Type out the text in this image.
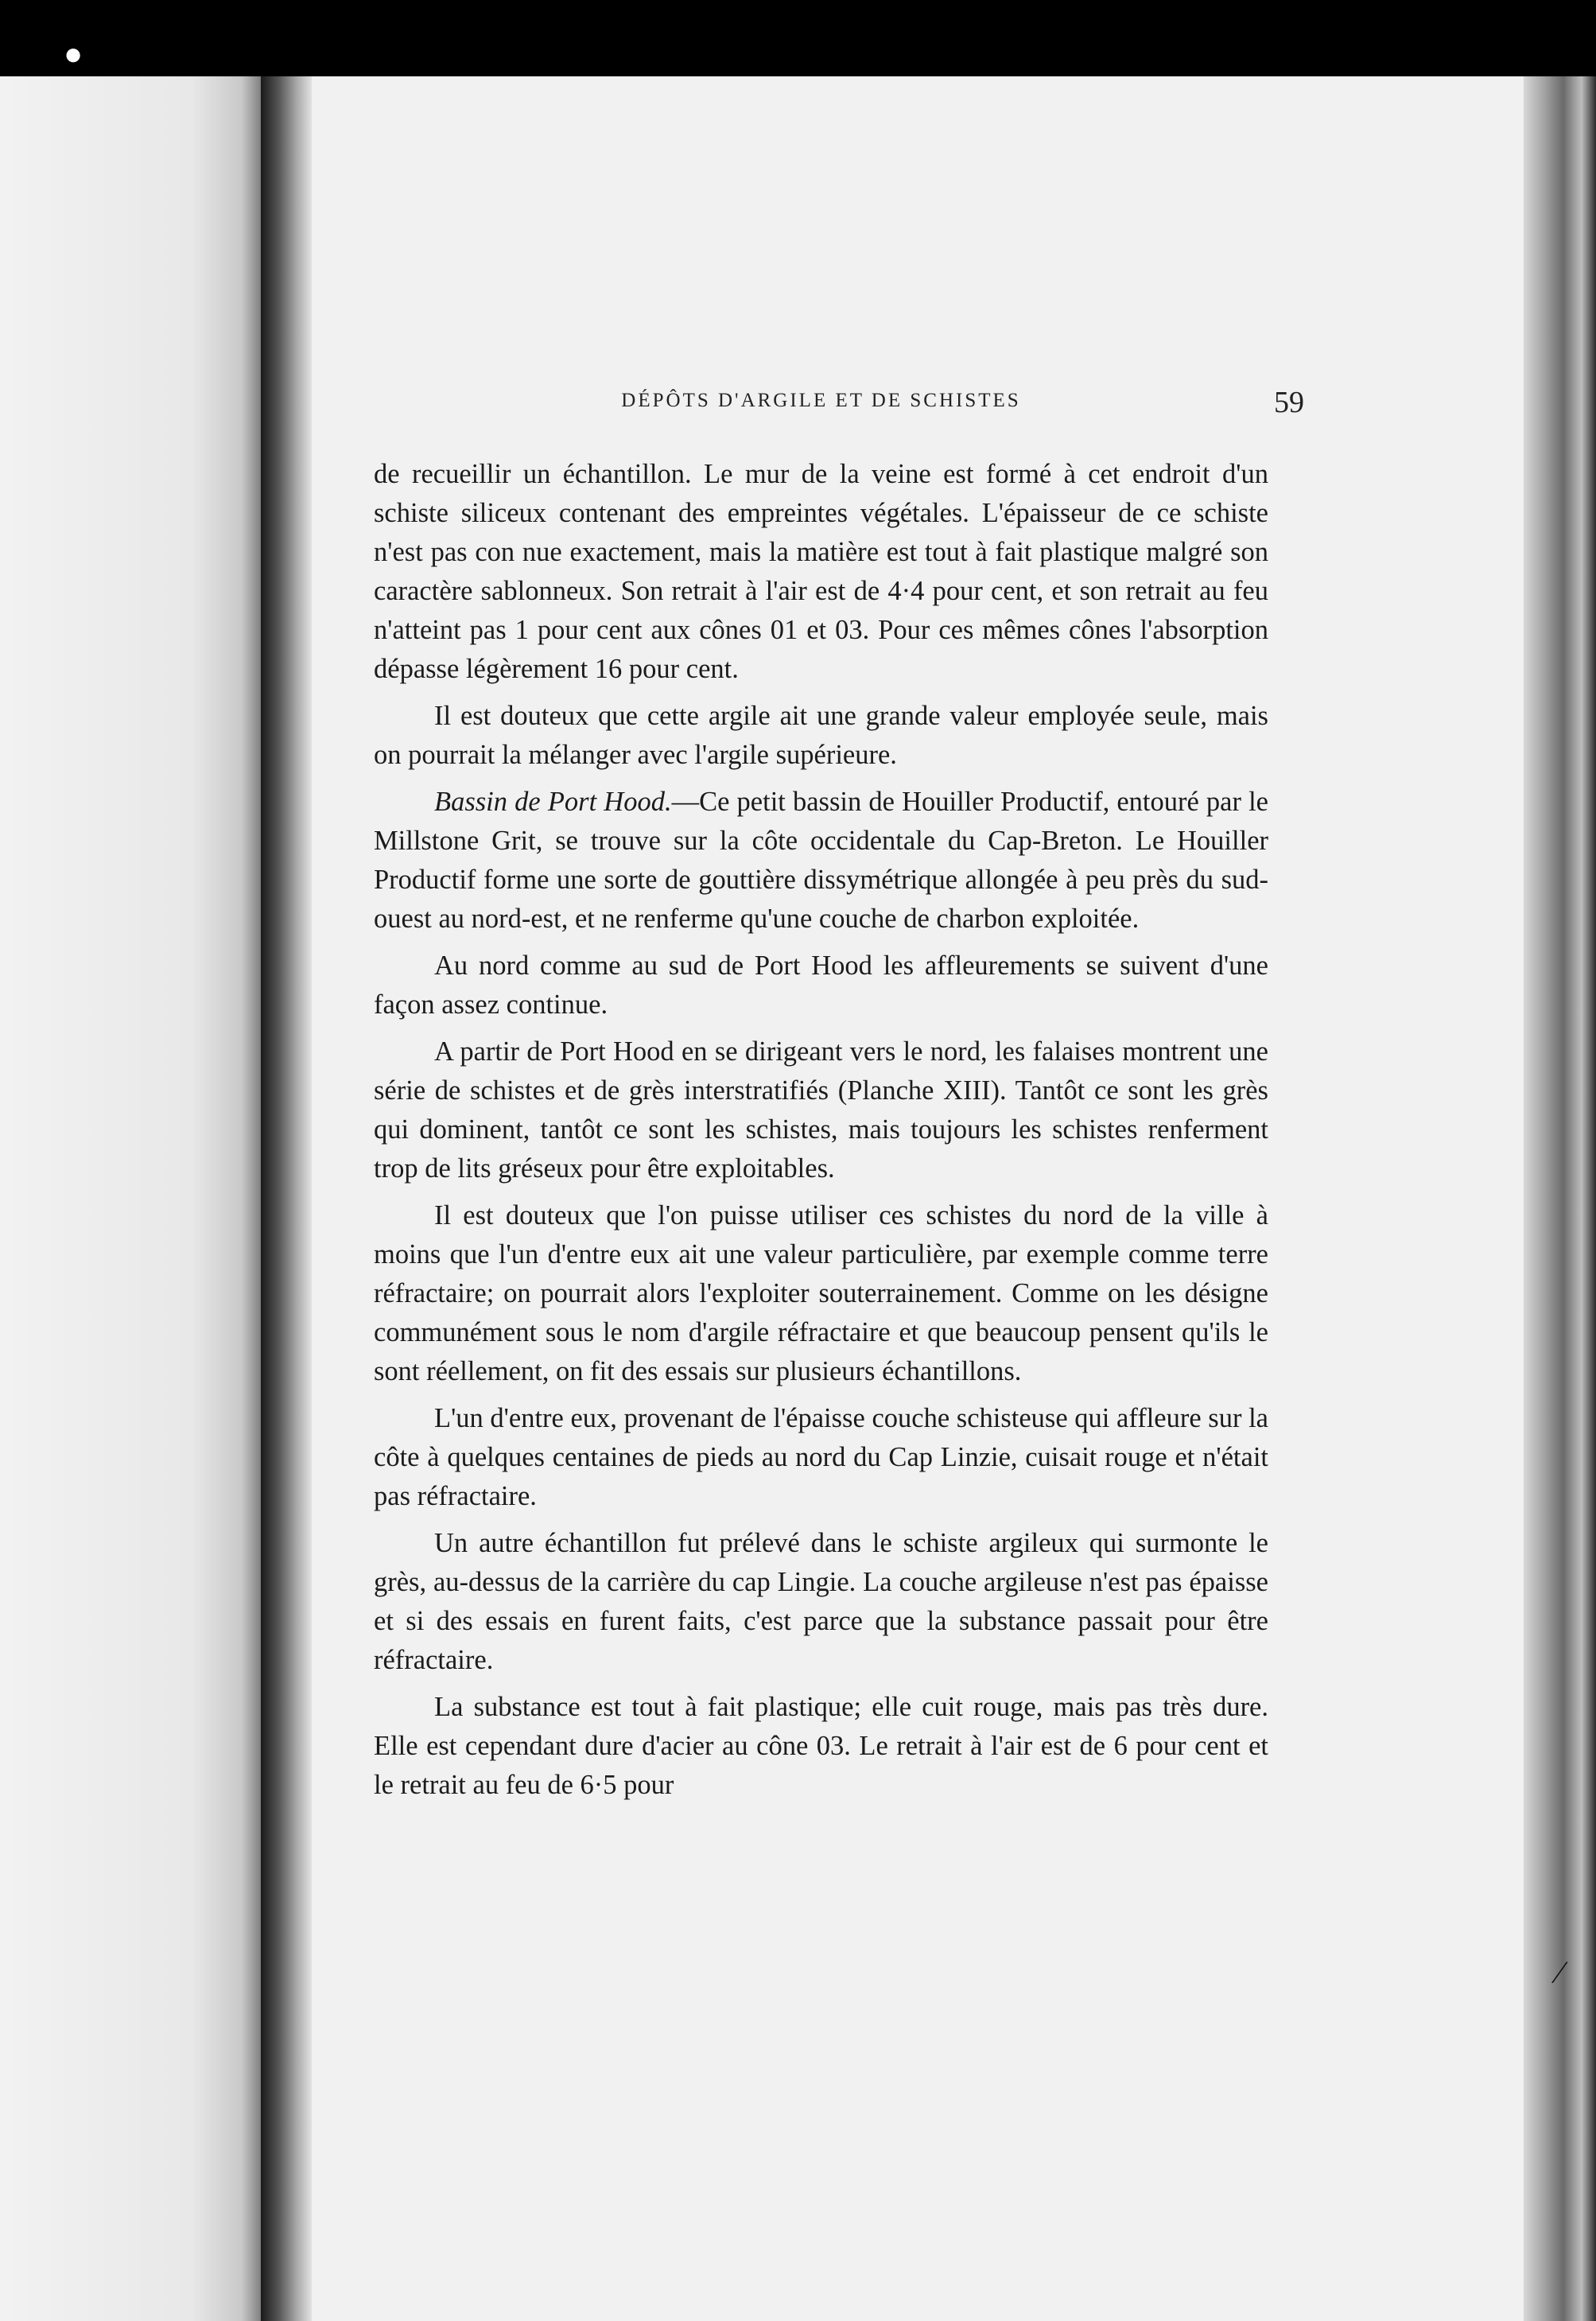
●
⁄
DÉPÔTS D'ARGILE ET DE SCHISTES	59

de recueillir un échantillon. Le mur de la veine est formé à cet endroit d'un schiste siliceux contenant des empreintes végétales. L'épaisseur de ce schiste n'est pas con nue exactement, mais la matière est tout à fait plastique malgré son caractère sablonneux. Son retrait à l'air est de 4·4 pour cent, et son retrait au feu n'atteint pas 1 pour cent aux cônes 01 et 03. Pour ces mêmes cônes l'absorption dépasse légèrement 16 pour cent.

Il est douteux que cette argile ait une grande valeur employée seule, mais on pourrait la mélanger avec l'argile supérieure.

Bassin de Port Hood.—Ce petit bassin de Houiller Productif, entouré par le Millstone Grit, se trouve sur la côte occidentale du Cap-Breton. Le Houiller Productif forme une sorte de gouttière dissymétrique allongée à peu près du sud-ouest au nord-est, et ne renferme qu'une couche de charbon exploitée.

Au nord comme au sud de Port Hood les affleurements se suivent d'une façon assez continue.

A partir de Port Hood en se dirigeant vers le nord, les falaises montrent une série de schistes et de grès interstratifiés (Planche XIII). Tantôt ce sont les grès qui dominent, tantôt ce sont les schistes, mais toujours les schistes renferment trop de lits gréseux pour être exploitables.

Il est douteux que l'on puisse utiliser ces schistes du nord de la ville à moins que l'un d'entre eux ait une valeur particulière, par exemple comme terre réfractaire; on pourrait alors l'exploiter souterrainement. Comme on les désigne communément sous le nom d'argile réfractaire et que beaucoup pensent qu'ils le sont réellement, on fit des essais sur plusieurs échantillons.

L'un d'entre eux, provenant de l'épaisse couche schisteuse qui affleure sur la côte à quelques centaines de pieds au nord du Cap Linzie, cuisait rouge et n'était pas réfractaire.

Un autre échantillon fut prélevé dans le schiste argileux qui surmonte le grès, au-dessus de la carrière du cap Lingie. La couche argileuse n'est pas épaisse et si des essais en furent faits, c'est parce que la substance passait pour être réfractaire.

La substance est tout à fait plastique; elle cuit rouge, mais pas très dure. Elle est cependant dure d'acier au cône 03. Le retrait à l'air est de 6 pour cent et le retrait au feu de 6·5 pour
